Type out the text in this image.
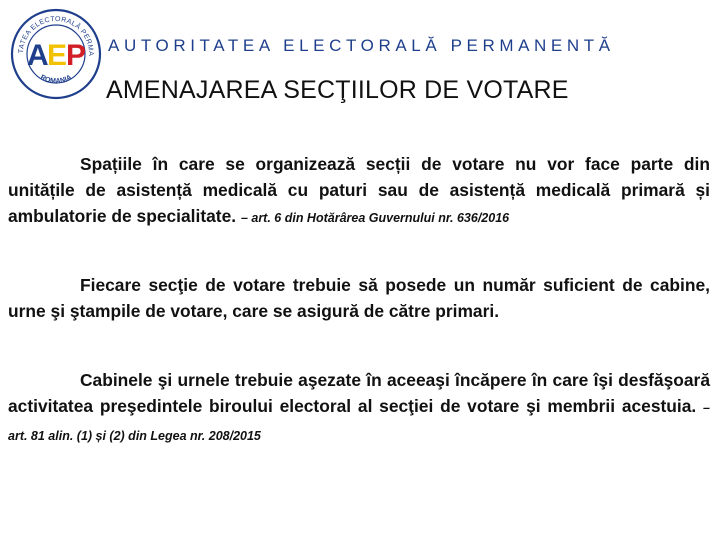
TATEA ELECTORALĂ PERMA
ROMANIA
A
E
P AUTORITATEA ELECTORALĂ PERMANENTĂ
AMENAJAREA SECŢIILOR DE VOTARE

Spațiile în care se organizează secții de votare nu vor face parte din unitățile de asistență medicală cu paturi sau de asistență medicală primară și ambulatorie de specialitate. – art. 6 din Hotărârea Guvernului nr. 636/2016

Fiecare secţie de votare trebuie să posede un număr suficient de cabine, urne şi ştampile de votare, care se asigură de către primari.

Cabinele şi urnele trebuie aşezate în aceeaşi încăpere în care îşi desfăşoară activitatea preşedintele biroului electoral al secţiei de votare şi membrii acestuia. – art. 81 alin. (1) și (2) din Legea nr. 208/2015
